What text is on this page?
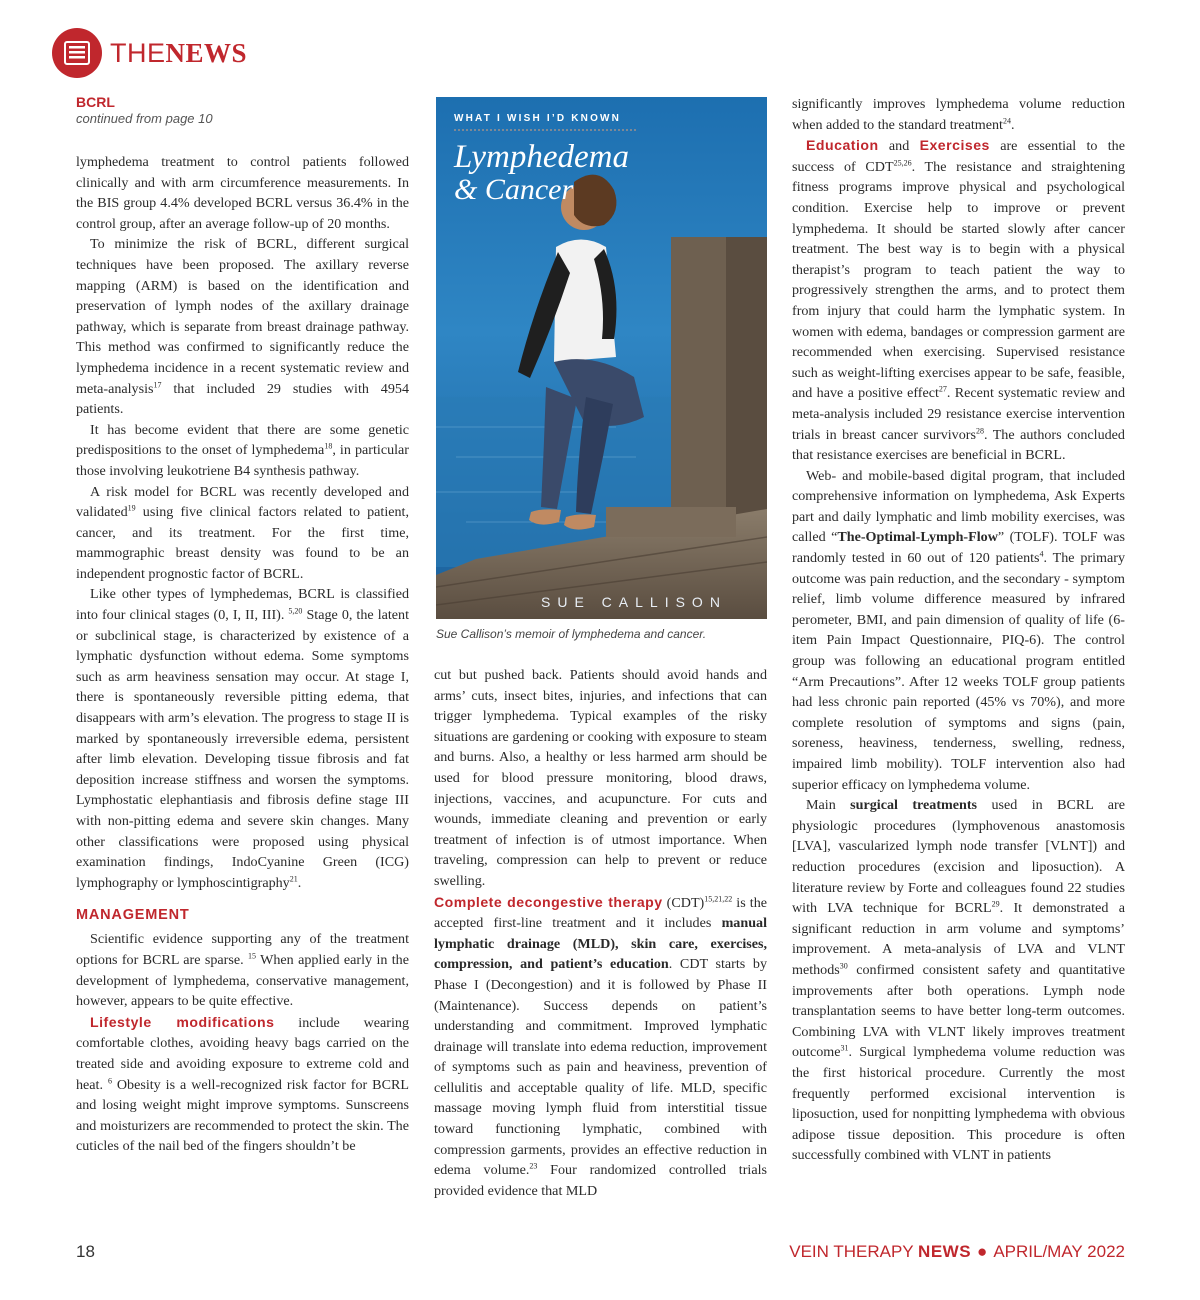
THENEWS
BCRL
continued from page 10

lymphedema treatment to control patients followed clinically and with arm circumference measurements. In the BIS group 4.4% developed BCRL versus 36.4% in the control group, after an average follow-up of 20 months.

To minimize the risk of BCRL, different surgical techniques have been proposed. The axillary reverse mapping (ARM) is based on the identification and preservation of lymph nodes of the axillary drainage pathway, which is separate from breast drainage pathway. This method was confirmed to significantly reduce the lymphedema incidence in a recent systematic review and meta-analysis$^{17}$ that included 29 studies with 4954 patients.

It has become evident that there are some genetic predispositions to the onset of lymphedema$^{18}$, in particular those involving leukotriene B4 synthesis pathway.

A risk model for BCRL was recently developed and validated$^{19}$ using five clinical factors related to patient, cancer, and its treatment. For the first time, mammographic breast density was found to be an independent prognostic factor of BCRL.

Like other types of lymphedemas, BCRL is classified into four clinical stages (0, I, II, III). $^{5,20}$ Stage 0, the latent or subclinical stage, is characterized by existence of a lymphatic dysfunction without edema. Some symptoms such as arm heaviness sensation may occur. At stage I, there is spontaneously reversible pitting edema, that disappears with arm’s elevation. The progress to stage II is marked by spontaneously irreversible edema, persistent after limb elevation. Developing tissue fibrosis and fat deposition increase stiffness and worsen the symptoms. Lymphostatic elephantiasis and fibrosis define stage III with non-pitting edema and severe skin changes. Many other classifications were proposed using physical examination findings, IndoCyanine Green (ICG) lymphography or lymphoscintigraphy$^{21}$.

MANAGEMENT

Scientific evidence supporting any of the treatment options for BCRL are sparse. $^{15}$ When applied early in the development of lymphedema, conservative management, however, appears to be quite effective.

Lifestyle modifications include wearing comfortable clothes, avoiding heavy bags carried on the treated side and avoiding exposure to extreme cold and heat. $^6$ Obesity is a well-recognized risk factor for BCRL and losing weight might improve symptoms. Sunscreens and moisturizers are recommended to protect the skin. The cuticles of the nail bed of the fingers shouldn’t be

WHAT I WISH I’D KNOWN
Lymphedema
& Cancer
SUE CALLISON
Sue Callison’s memoir of lymphedema and cancer.

cut but pushed back. Patients should avoid hands and arms’ cuts, insect bites, injuries, and infections that can trigger lymphedema. Typical examples of the risky situations are gardening or cooking with exposure to steam and burns. Also, a healthy or less harmed arm should be used for blood pressure monitoring, blood draws, injections, vaccines, and acupuncture. For cuts and wounds, immediate cleaning and prevention or early treatment of infection is of utmost importance. When traveling, compression can help to prevent or reduce swelling.

Complete decongestive therapy (CDT)$^{15,21,22}$ is the accepted first-line treatment and it includes manual lymphatic drainage (MLD), skin care, exercises, compression, and patient’s education. CDT starts by Phase I (Decongestion) and it is followed by Phase II (Maintenance). Success depends on patient’s understanding and commitment. Improved lymphatic drainage will translate into edema reduction, improvement of symptoms such as pain and heaviness, prevention of cellulitis and acceptable quality of life. MLD, specific massage moving lymph fluid from interstitial tissue toward functioning lymphatic, combined with compression garments, provides an effective reduction in edema volume.$^{23}$ Four randomized controlled trials provided evidence that MLD

significantly improves lymphedema volume reduction when added to the standard treatment$^{24}$.

Education and Exercises are essential to the success of CDT$^{25,26}$. The resistance and straightening fitness programs improve physical and psychological condition. Exercise help to improve or prevent lymphedema. It should be started slowly after cancer treatment. The best way is to begin with a physical therapist’s program to teach patient the way to progressively strengthen the arms, and to protect them from injury that could harm the lymphatic system. In women with edema, bandages or compression garment are recommended when exercising. Supervised resistance such as weight-lifting exercises appear to be safe, feasible, and have a positive effect$^{27}$. Recent systematic review and meta-analysis included 29 resistance exercise intervention trials in breast cancer survivors$^{28}$. The authors concluded that resistance exercises are beneficial in BCRL.

Web- and mobile-based digital program, that included comprehensive information on lymphedema, Ask Experts part and daily lymphatic and limb mobility exercises, was called “The-Optimal-Lymph-Flow” (TOLF). TOLF was randomly tested in 60 out of 120 patients$^4$. The primary outcome was pain reduction, and the secondary - symptom relief, limb volume difference measured by infrared perometer, BMI, and pain dimension of quality of life (6-item Pain Impact Questionnaire, PIQ-6). The control group was following an educational program entitled “Arm Precautions”. After 12 weeks TOLF group patients had less chronic pain reported (45% vs 70%), and more complete resolution of symptoms and signs (pain, soreness, heaviness, tenderness, swelling, redness, impaired limb mobility). TOLF intervention also had superior efficacy on lymphedema volume.

Main surgical treatments used in BCRL are physiologic procedures (lymphovenous anastomosis [LVA], vascularized lymph node transfer [VLNT]) and reduction procedures (excision and liposuction). A literature review by Forte and colleagues found 22 studies with LVA technique for BCRL$^{29}$. It demonstrated a significant reduction in arm volume and symptoms’ improvement. A meta-analysis of LVA and VLNT methods$^{30}$ confirmed consistent safety and quantitative improvements after both operations. Lymph node transplantation seems to have better long-term outcomes. Combining LVA with VLNT likely improves treatment outcome$^{31}$. Surgical lymphedema volume reduction was the first historical procedure. Currently the most frequently performed excisional intervention is liposuction, used for nonpitting lymphedema with obvious adipose tissue deposition. This procedure is often successfully combined with VLNT in patients

18	VEIN THERAPY NEWS ● APRIL/MAY 2022
